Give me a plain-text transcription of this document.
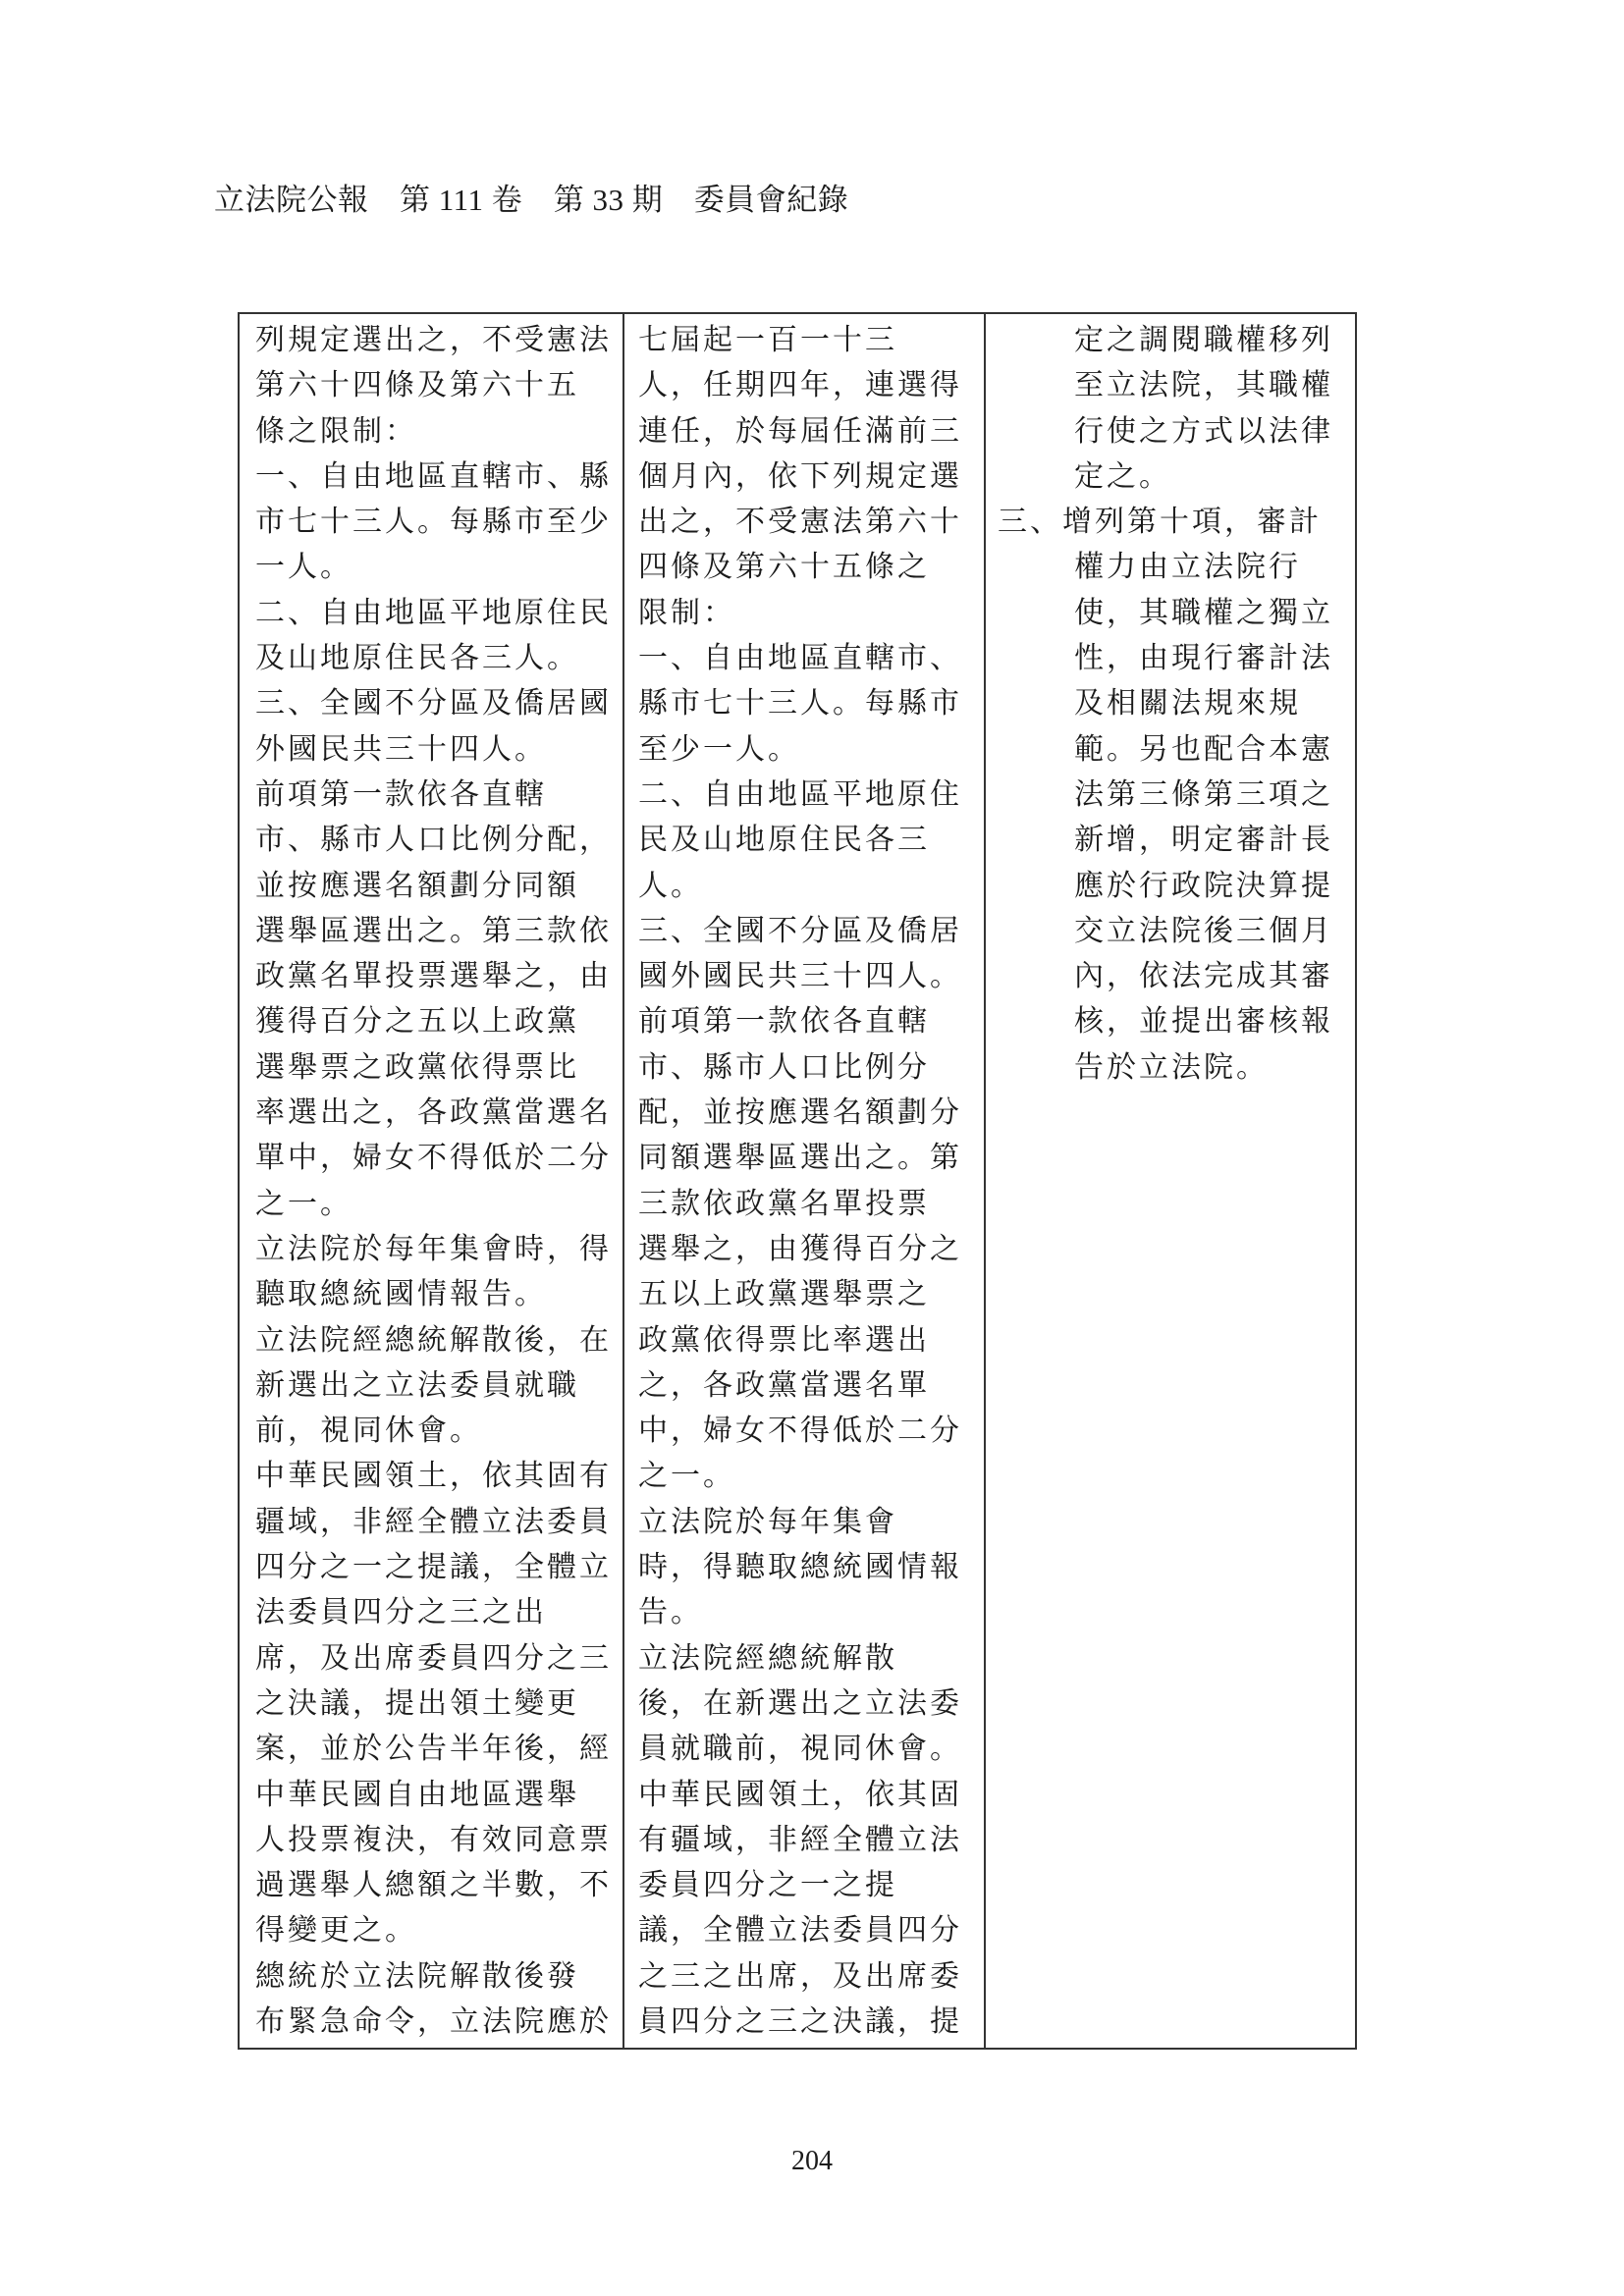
立法院公報　第 111 卷　第 33 期　委員會紀錄
列規定選出之，不受憲法
第六十四條及第六十五
條之限制：
一、自由地區直轄市、縣
市七十三人。每縣市至少
一人。
二、自由地區平地原住民
及山地原住民各三人。
三、全國不分區及僑居國
外國民共三十四人。
前項第一款依各直轄
市、縣市人口比例分配，
並按應選名額劃分同額
選舉區選出之。第三款依
政黨名單投票選舉之，由
獲得百分之五以上政黨
選舉票之政黨依得票比
率選出之，各政黨當選名
單中，婦女不得低於二分
之一。
立法院於每年集會時，得
聽取總統國情報告。
立法院經總統解散後，在
新選出之立法委員就職
前，視同休會。
中華民國領土，依其固有
疆域，非經全體立法委員
四分之一之提議，全體立
法委員四分之三之出
席，及出席委員四分之三
之決議，提出領土變更
案，並於公告半年後，經
中華民國自由地區選舉
人投票複決，有效同意票
過選舉人總額之半數，不
得變更之。
總統於立法院解散後發
布緊急命令，立法院應於
七屆起一百一十三
人，任期四年，連選得
連任，於每屆任滿前三
個月內，依下列規定選
出之，不受憲法第六十
四條及第六十五條之
限制：
一、自由地區直轄市、
縣市七十三人。每縣市
至少一人。
二、自由地區平地原住
民及山地原住民各三
人。
三、全國不分區及僑居
國外國民共三十四人。
前項第一款依各直轄
市、縣市人口比例分
配，並按應選名額劃分
同額選舉區選出之。第
三款依政黨名單投票
選舉之，由獲得百分之
五以上政黨選舉票之
政黨依得票比率選出
之，各政黨當選名單
中，婦女不得低於二分
之一。
立法院於每年集會
時，得聽取總統國情報
告。
立法院經總統解散
後，在新選出之立法委
員就職前，視同休會。
中華民國領土，依其固
有疆域，非經全體立法
委員四分之一之提
議，全體立法委員四分
之三之出席，及出席委
員四分之三之決議，提
定之調閱職權移列
至立法院，其職權
行使之方式以法律
定之。
三、增列第十項，審計
權力由立法院行
使，其職權之獨立
性，由現行審計法
及相關法規來規
範。另也配合本憲
法第三條第三項之
新增，明定審計長
應於行政院決算提
交立法院後三個月
內，依法完成其審
核，並提出審核報
告於立法院。
204
